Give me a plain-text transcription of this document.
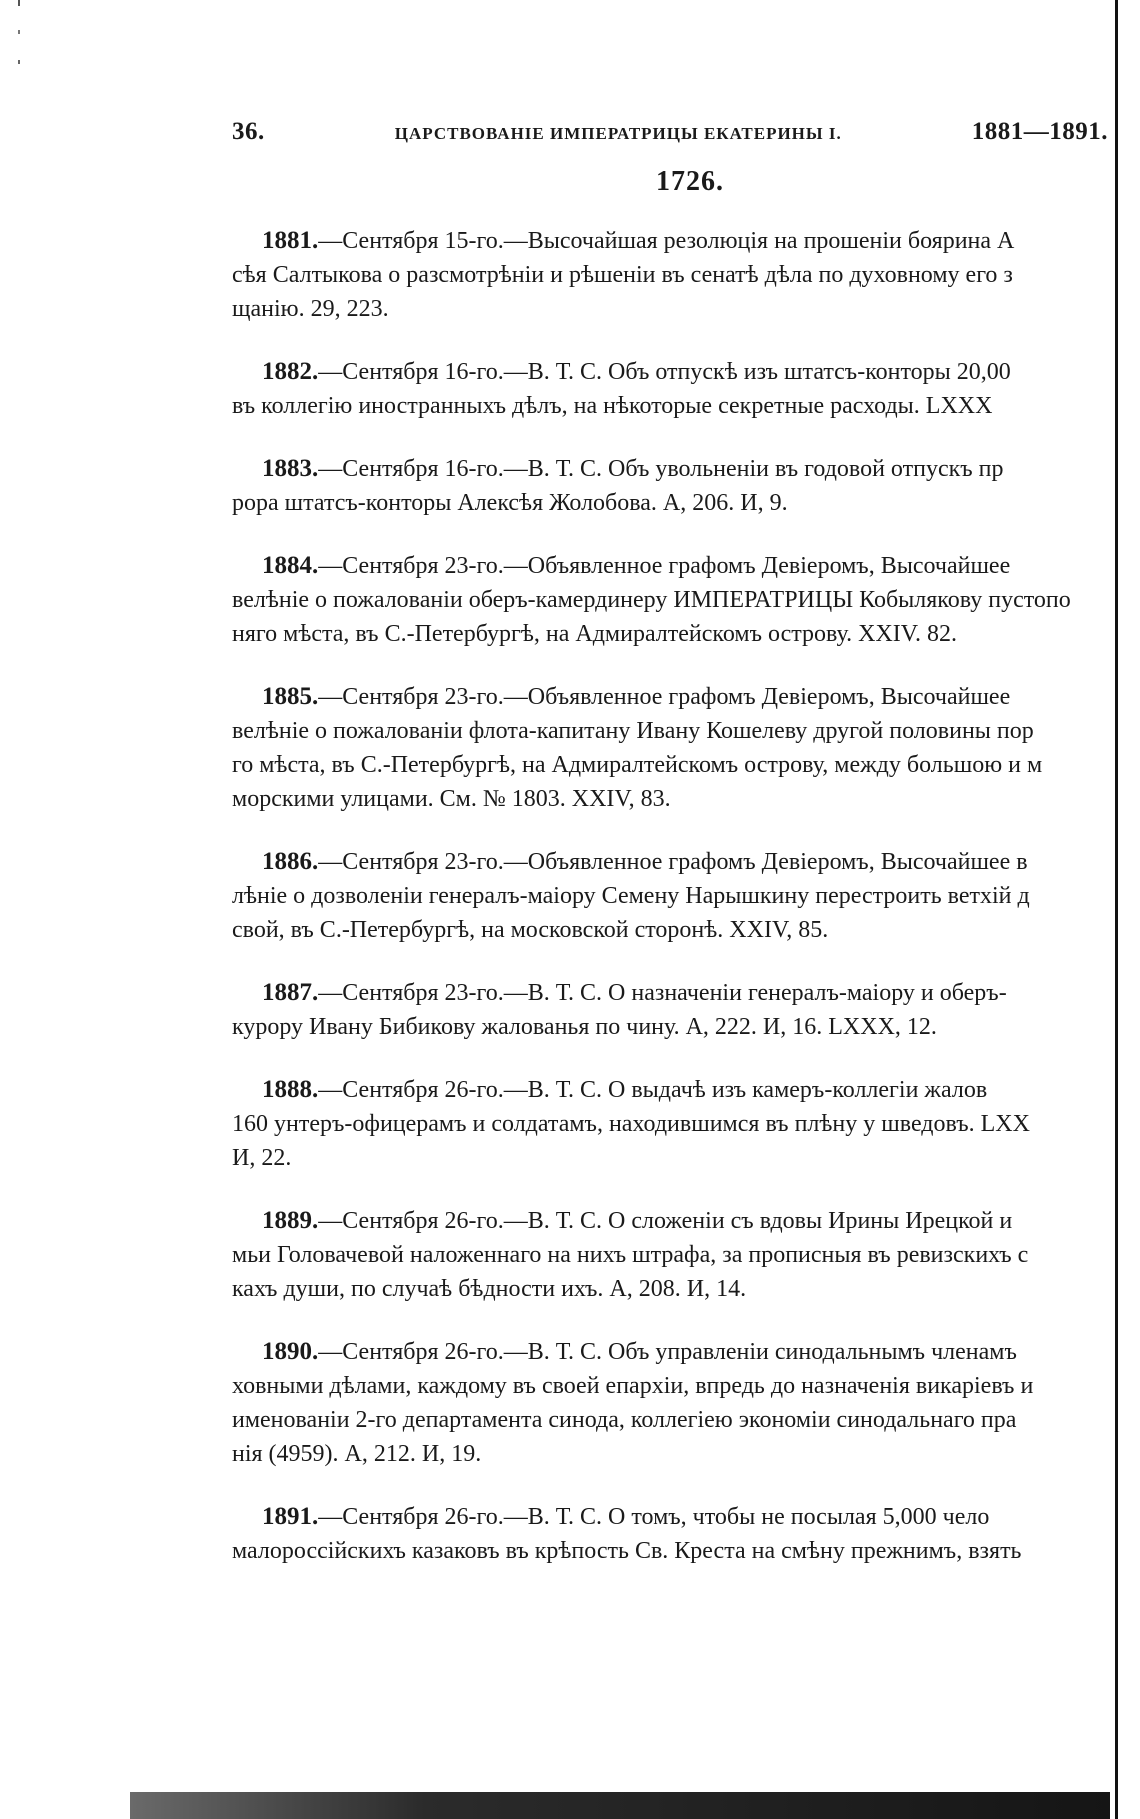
36.	ЦАРСТВОВАНІЕ ИМПЕРАТРИЦЫ ЕКАТЕРИНЫ І.	1881—1891.
1726.
1881.—Сентября 15-го.—Высочайшая резолюція на прошеніи боярина А
сѣя Салтыкова о разсмотрѣніи и рѣшеніи въ сенатѣ дѣла по духовному его з
щанію. 29, 223.
1882.—Сентября 16-го.—В. Т. С. Объ отпускѣ изъ штатсъ-конторы 20,00
въ коллегію иностранныхъ дѣлъ, на нѣкоторые секретные расходы. LXXX
1883.—Сентября 16-го.—В. Т. С. Объ увольненіи въ годовой отпускъ пр
рора штатсъ-конторы Алексѣя Жолобова. А, 206. И, 9.
1884.—Сентября 23-го.—Объявленное графомъ Девіеромъ, Высочайшее
велѣніе о пожалованіи оберъ-камердинеру ИМПЕРАТРИЦЫ Кобылякову пустопо
няго мѣста, въ С.-Петербургѣ, на Адмиралтейскомъ острову. XXIV. 82.
1885.—Сентября 23-го.—Объявленное графомъ Девіеромъ, Высочайшее
велѣніе о пожалованіи флота-капитану Ивану Кошелеву другой половины пор
го мѣста, въ С.-Петербургѣ, на Адмиралтейскомъ острову, между большою и м
морскими улицами. См. № 1803. XXIV, 83.
1886.—Сентября 23-го.—Объявленное графомъ Девіеромъ, Высочайшее в
лѣніе о дозволеніи генералъ-маіору Семену Нарышкину перестроить ветхій д
свой, въ С.-Петербургѣ, на московской сторонѣ. XXIV, 85.
1887.—Сентября 23-го.—В. Т. С. О назначеніи генералъ-маіору и оберъ-
курору Ивану Бибикову жалованья по чину. А, 222. И, 16. LXXX, 12.
1888.—Сентября 26-го.—В. Т. С. О выдачѣ изъ камеръ-коллегіи жалов
160 унтеръ-офицерамъ и солдатамъ, находившимся въ плѣну у шведовъ. LXX
И, 22.
1889.—Сентября 26-го.—В. Т. С. О сложеніи съ вдовы Ирины Ирецкой и
мьи Головачевой наложеннаго на нихъ штрафа, за прописныя въ ревизскихъ с
кахъ души, по случаѣ бѣдности ихъ. А, 208. И, 14.
1890.—Сентября 26-го.—В. Т. С. Объ управленіи синодальнымъ членамъ
ховными дѣлами, каждому въ своей епархіи, впредь до назначенія викаріевъ и
именованіи 2-го департамента синода, коллегіею экономіи синодальнаго пра
нія (4959). А, 212. И, 19.
1891.—Сентября 26-го.—В. Т. С. О томъ, чтобы не посылая 5,000 чело
малороссійскихъ казаковъ въ крѣпость Св. Креста на смѣну прежнимъ, взять
